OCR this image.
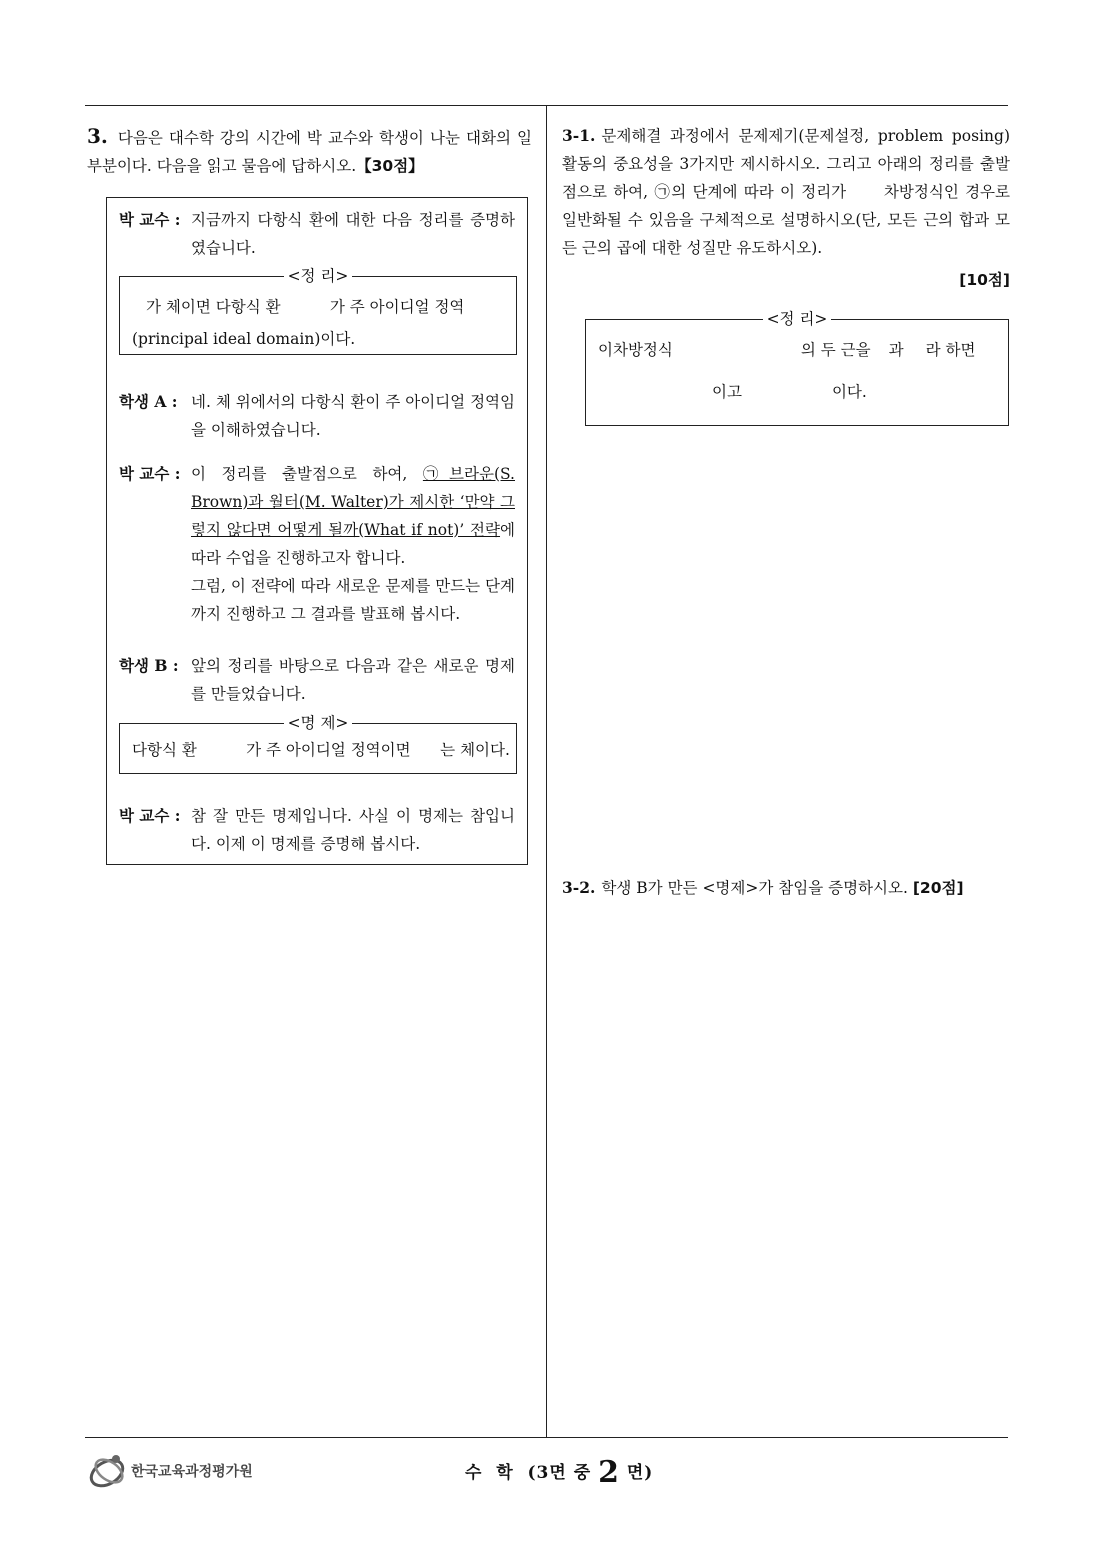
3. 다음은 대수학 강의 시간에 박 교수와 학생이 나눈 대화의 일부분이다. 다음을 읽고 물음에 답하시오.【30점】
박 교수 : 지금까지 다항식 환에 대한 다음 정리를 증명하였습니다.
<정 리>
가 체이면 다항식 환          가 주 아이디얼 정역
(principal ideal domain)이다.
학생 A : 네. 체 위에서의 다항식 환이 주 아이디얼 정역임을 이해하였습니다.
박 교수 : 이 정리를 출발점으로 하여, ㉠브라운(S. Brown)과 월터(M. Walter)가 제시한 ‘만약 그렇지 않다면 어떻게 될까(What if not)’ 전략에 따라 수업을 진행하고자 합니다.
그럼, 이 전략에 따라 새로운 문제를 만드는 단계까지 진행하고 그 결과를 발표해 봅시다.
학생 B : 앞의 정리를 바탕으로 다음과 같은 새로운 명제를 만들었습니다.
<명 제>
다항식 환          가 주 아이디얼 정역이면      는 체이다.
박 교수 : 참 잘 만든 명제입니다. 사실 이 명제는 참입니다. 이제 이 명제를 증명해 봅시다.
3-1. 문제해결 과정에서 문제제기(문제설정, problem posing) 활동의 중요성을 3가지만 제시하시오. 그리고 아래의 정리를 출발점으로 하여, ㉠의 단계에 따라 이 정리가      차방정식인 경우로 일반화될 수 있음을 구체적으로 설명하시오(단, 모든 근의 합과 모든 근의 곱에 대한 성질만 유도하시오).
[10점]
<정 리>
이차방정식	의 두 근을 과 라 하면
이고	이다.
3-2. 학생 B가 만든 <명제>가 참임을 증명하시오. [20점]
한국교육과정평가원	수  학  (3면 중 2 면)
